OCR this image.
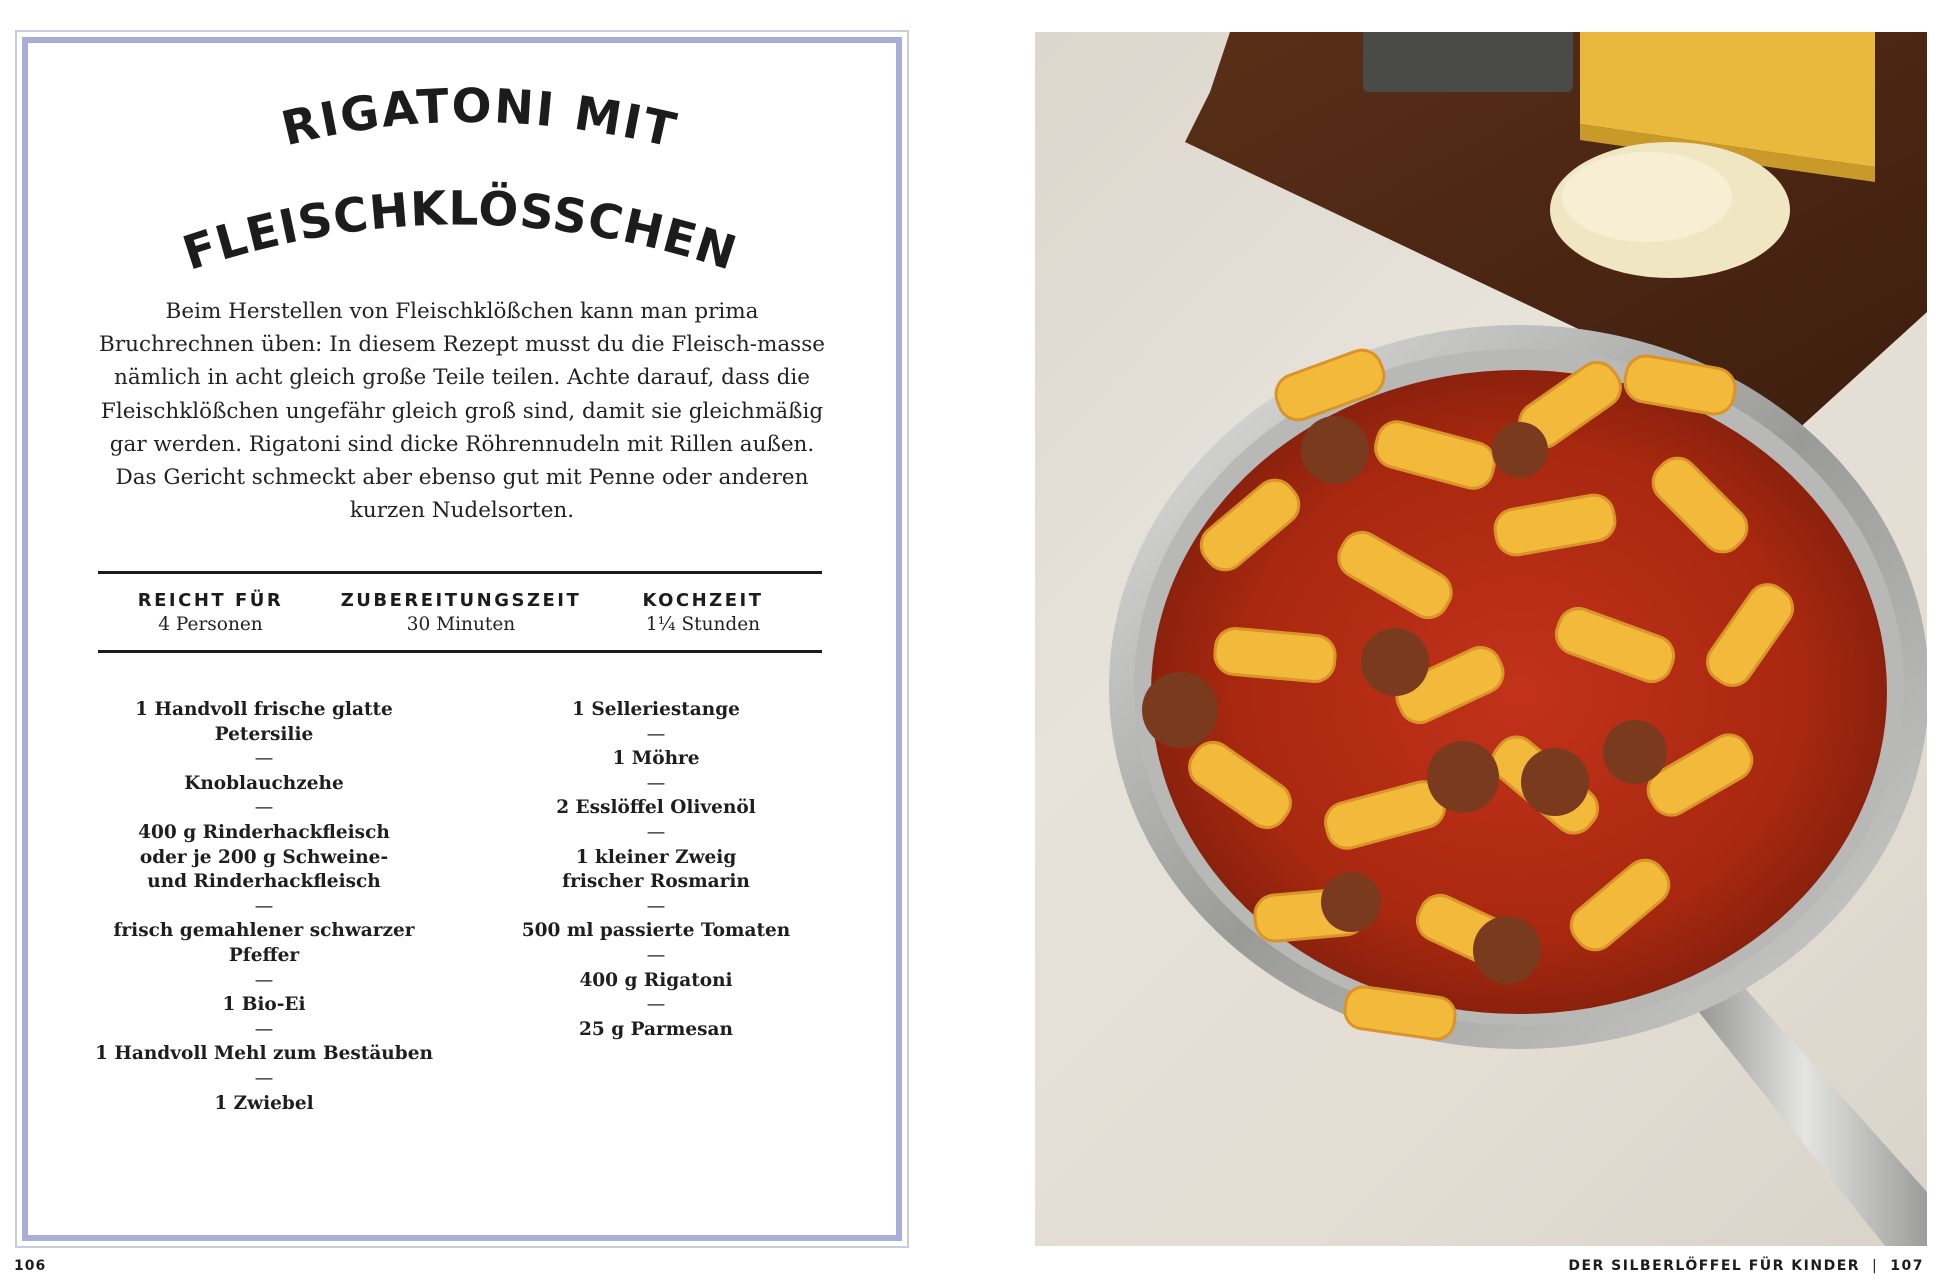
RIGATONI MIT
FLEISCHKLÖSSCHEN

Beim Herstellen von Fleischklößchen kann man prima Bruchrechnen üben: In diesem Rezept musst du die Fleisch-masse nämlich in acht gleich große Teile teilen. Achte darauf, dass die Fleischklößchen ungefähr gleich groß sind, damit sie gleichmäßig gar werden. Rigatoni sind dicke Röhrennudeln mit Rillen außen. Das Gericht schmeckt aber ebenso gut mit Penne oder anderen kurzen Nudelsorten.

REICHT FÜR
4 Personen
ZUBEREITUNGSZEIT
30 Minuten
KOCHZEIT
1¼ Stunden
1 Handvoll frische glatte Petersilie
—
Knoblauchzehe
—
400 g Rinderhackfleisch oder je 200 g Schweine- und Rinderhackfleisch
—
frisch gemahlener schwarzer Pfeffer
—
1 Bio-Ei
—
1 Handvoll Mehl zum Bestäuben
—
1 Zwiebel
1 Selleriestange
—
1 Möhre
—
2 Esslöffel Olivenöl
—
1 kleiner Zweig frischer Rosmarin
—
500 ml passierte Tomaten
—
400 g Rigatoni
—
25 g Parmesan
106	DER SILBERLÖFFEL FÜR KINDER | 107
